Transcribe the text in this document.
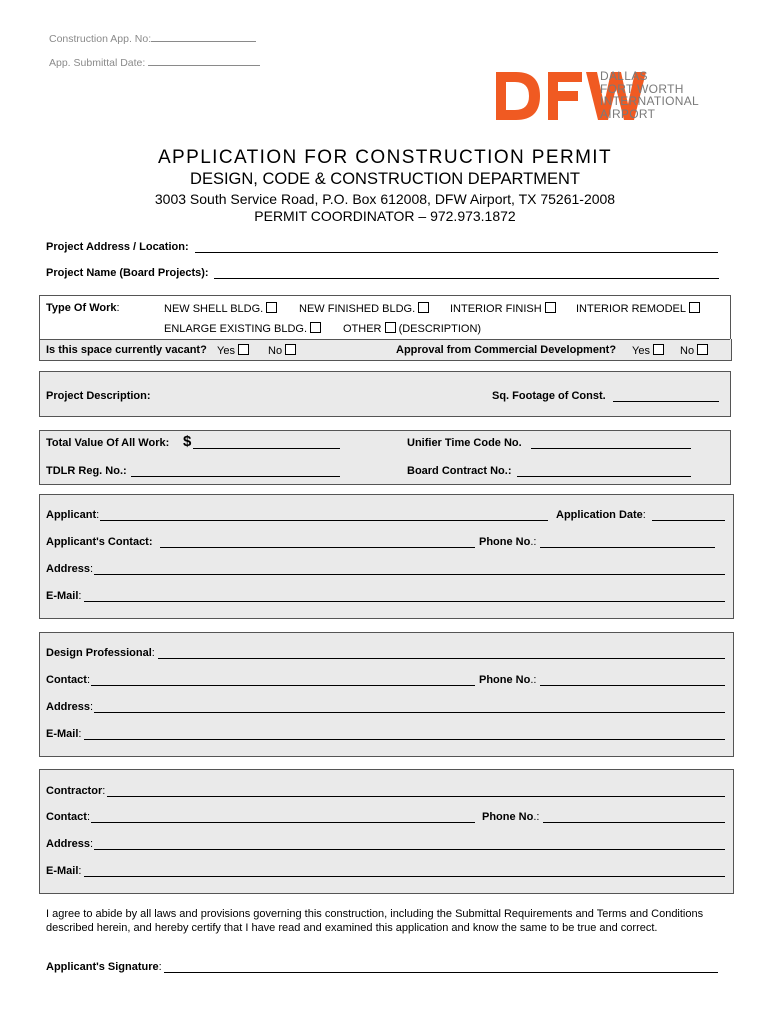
Construction App. No:
App. Submittal Date:
DALLAS
FORT WORTH
INTERNATIONAL
AIRPORT
APPLICATION FOR CONSTRUCTION PERMIT
DESIGN, CODE & CONSTRUCTION DEPARTMENT
3003 South Service Road, P.O. Box 612008, DFW Airport, TX 75261-2008
PERMIT COORDINATOR – 972.973.1872
Project Address / Location:
Project Name (Board Projects):
Type Of Work:	NEW SHELL BLDG.	NEW FINISHED BLDG.	INTERIOR FINISH	INTERIOR REMODEL
ENLARGE EXISTING BLDG.	OTHER (DESCRIPTION)
Is this space currently vacant? Yes	No	Approval from Commercial Development? Yes	No
Project Description:	Sq. Footage of Const.
Total Value Of All Work: $	Unifier Time Code No.
TDLR Reg. No.:	Board Contract No.:
Applicant:	Application Date:
Applicant's Contact:	Phone No.:
Address:
E-Mail:
Design Professional:
Contact:	Phone No.:
Address:
E-Mail:
Contractor:
Contact:	Phone No.:
Address:
E-Mail:
I agree to abide by all laws and provisions governing this construction, including the Submittal Requirements and Terms and Conditions described herein, and hereby certify that I have read and examined this application and know the same to be true and correct.
Applicant's Signature:
